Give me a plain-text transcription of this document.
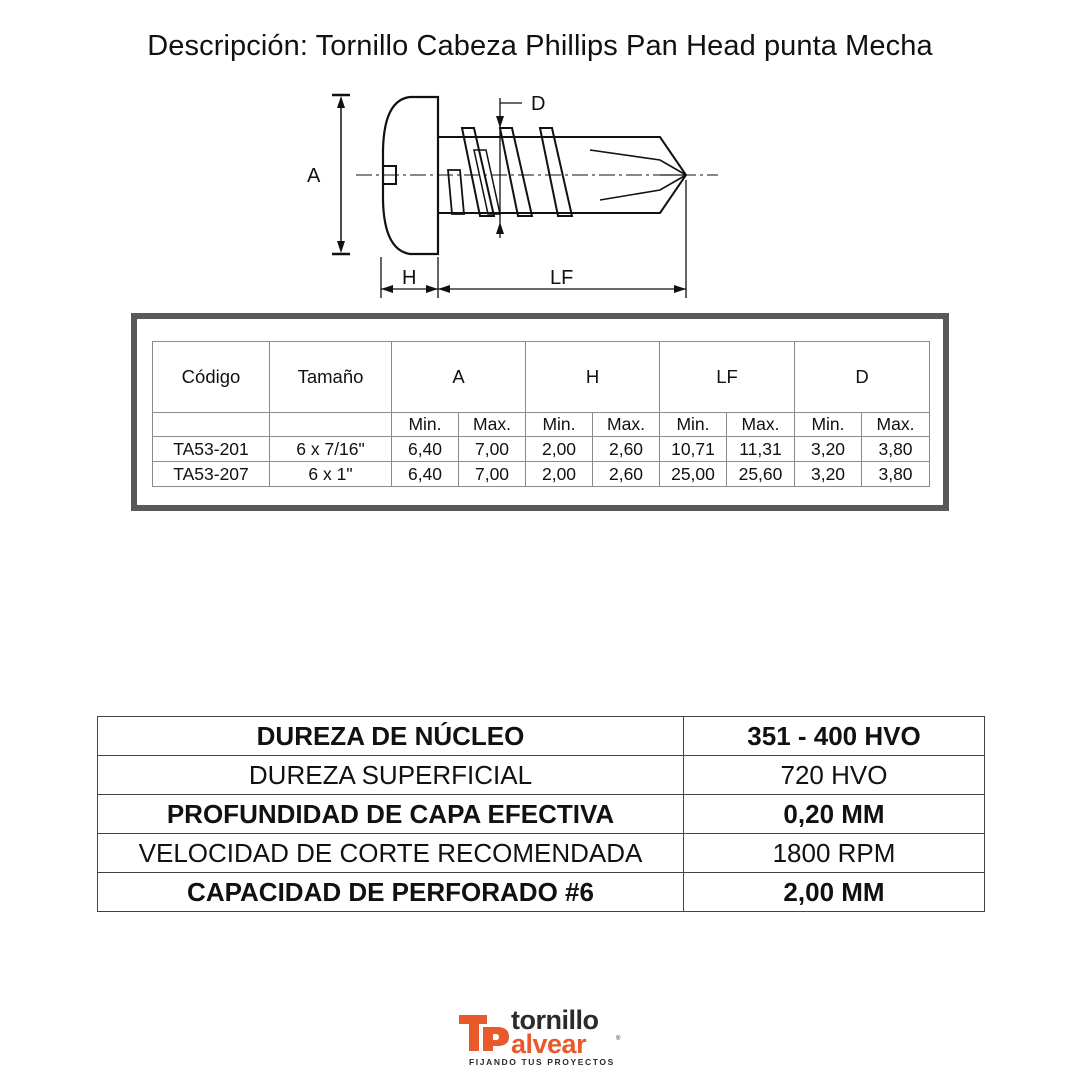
Descripción: Tornillo Cabeza Phillips Pan Head punta Mecha
A
D
H	LF
Código	Tamaño	A		H		LF		D	
		Min.	Max.	Min.	Max.	Min.	Max.	Min.	Max.
TA53-201	6 x 7/16"	6,40	7,00	2,00	2,60	10,71	11,31	3,20	3,80
TA53-207	6 x 1"	6,40	7,00	2,00	2,60	25,00	25,60	3,20	3,80
DUREZA DE NÚCLEO	351 - 400 HVO
DUREZA SUPERFICIAL	720 HVO
PROFUNDIDAD DE CAPA EFECTIVA	0,20 MM
VELOCIDAD DE CORTE RECOMENDADA	1800 RPM
CAPACIDAD DE PERFORADO #6	2,00 MM
tornillo
alvear	®
FIJANDO TUS PROYECTOS
